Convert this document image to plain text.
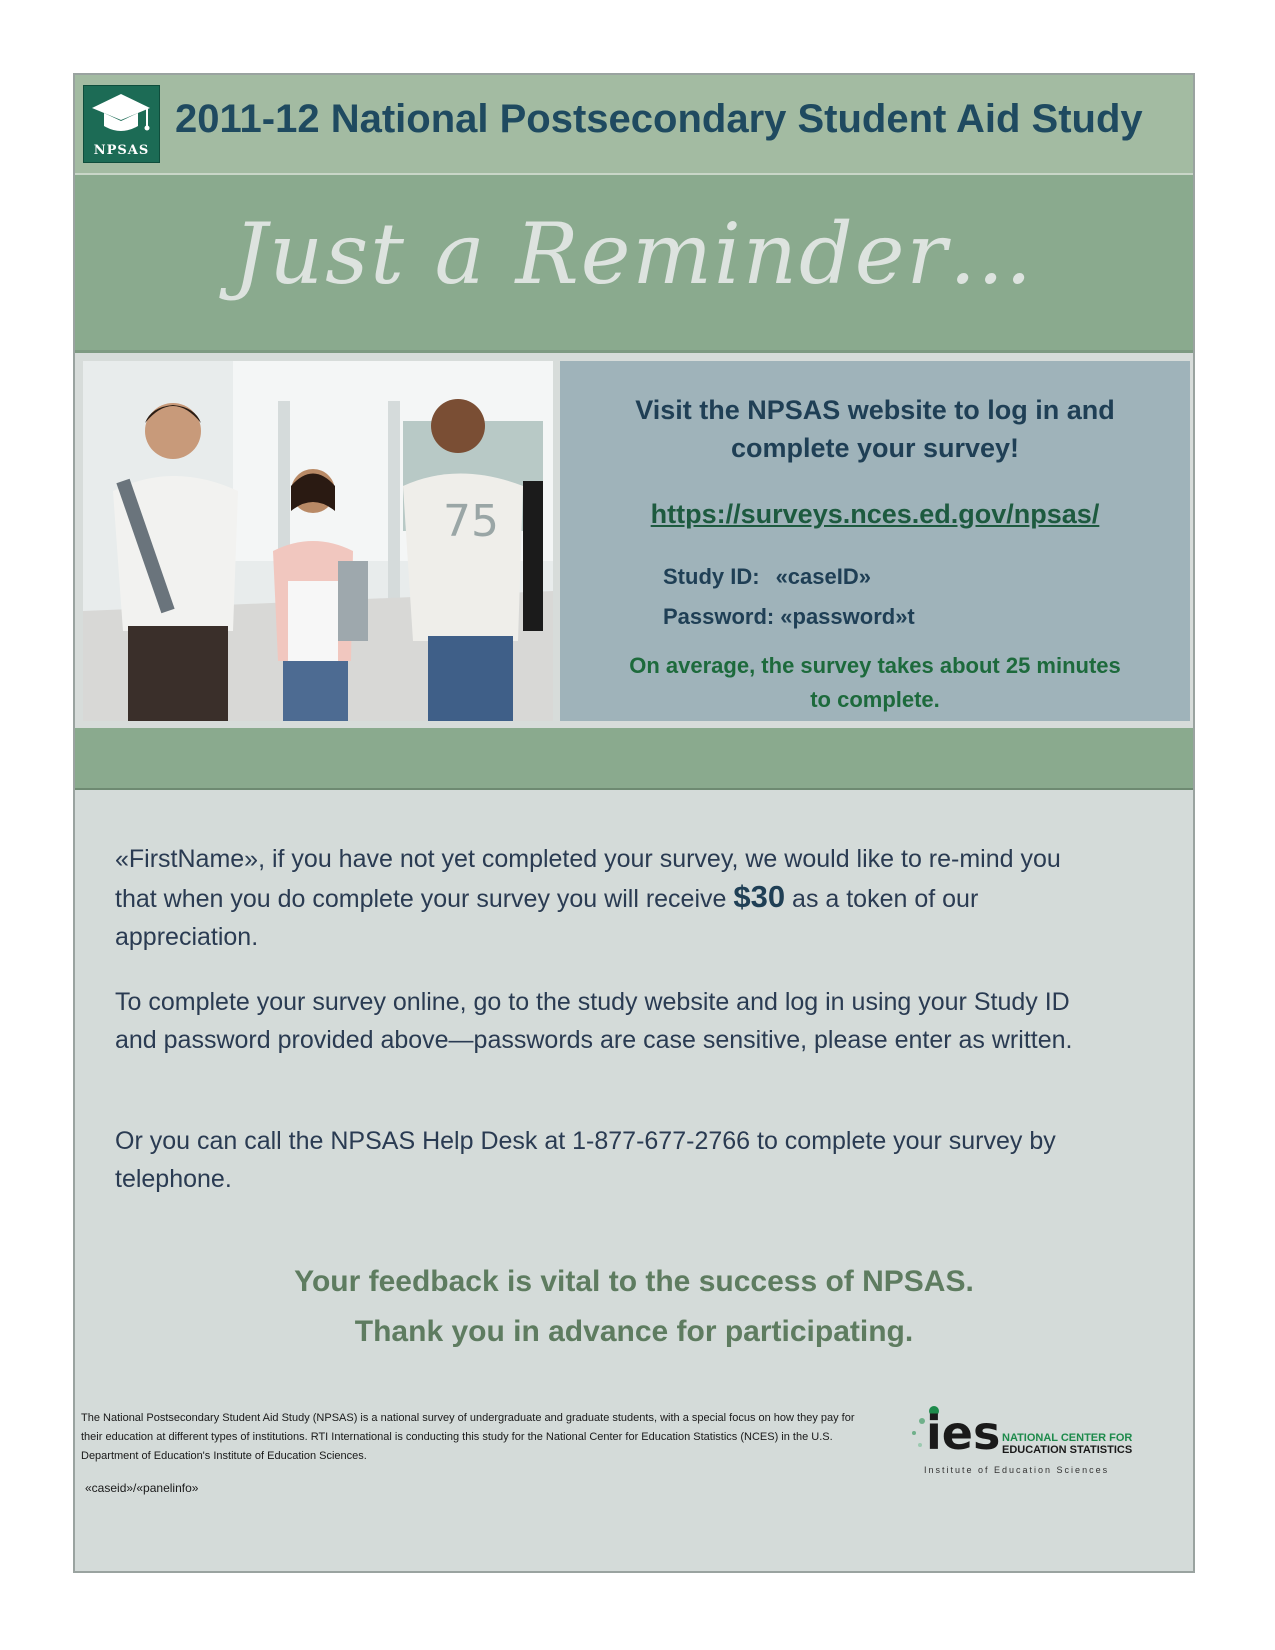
NPSAS
2011-12 National Postsecondary Student Aid Study

Just a Reminder…

75

Visit the NPSAS website to log in and
complete your survey!

https://surveys.nces.ed.gov/npsas/
Study ID: «caseID»
Password: «password»t

On average, the survey takes about 25 minutes
to complete.

«FirstName», if you have not yet completed your survey, we would like to re-mind you that when you do complete your survey you will receive $30 as a token of our appreciation.

To complete your survey online, go to the study website and log in using your Study ID and password provided above—passwords are case sensitive, please enter as written.

Or you can call the NPSAS Help Desk at 1-877-677-2766 to complete your survey by telephone.

Your feedback is vital to the success of NPSAS.
Thank you in advance for participating.

The National Postsecondary Student Aid Study (NPSAS) is a national survey of undergraduate and graduate students, with a special focus on how they pay for their education at different types of institutions. RTI International is conducting this study for the National Center for Education Statistics (NCES) in the U.S. Department of Education's Institute of Education Sciences.

«caseid»/«panelinfo»
ies NATIONAL CENTER FOR
EDUCATION STATISTICS
Institute of Education Sciences
